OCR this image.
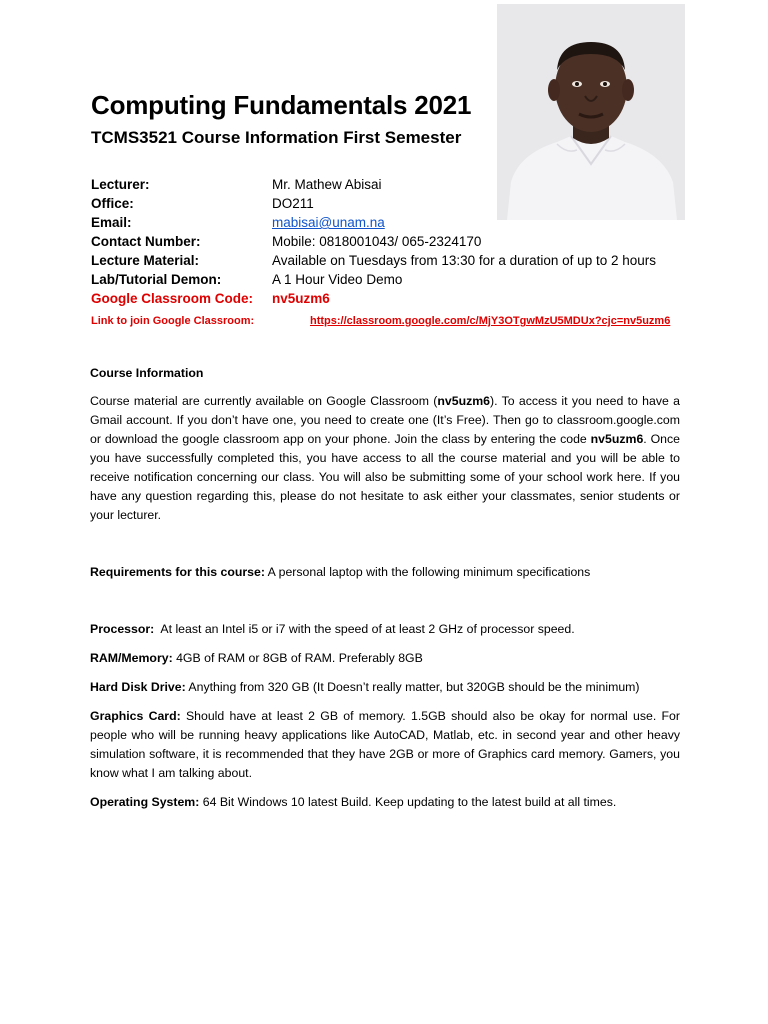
Computing Fundamentals 2021
TCMS3521 Course Information First Semester
Lecturer:	Mr. Mathew Abisai
Office:	DO211
Email:	mabisai@unam.na
Contact Number:	Mobile: 0818001043/ 065-2324170
Lecture Material:	Available on Tuesdays from 13:30 for a duration of up to 2 hours
Lab/Tutorial Demon:	A 1 Hour Video Demo
Google Classroom Code: nv5uzm6
Link to join Google Classroom:	https://classroom.google.com/c/MjY3OTgwMzU5MDUx?cjc=nv5uzm6

Course Information

Course material are currently available on Google Classroom (nv5uzm6). To access it you need to have a Gmail account. If you don’t have one, you need to create one (It’s Free). Then go to classroom.google.com or download the google classroom app on your phone. Join the class by entering the code nv5uzm6. Once you have successfully completed this, you have access to all the course material and you will be able to receive notification concerning our class. You will also be submitting some of your school work here. If you have any question regarding this, please do not hesitate to ask either your classmates, senior students or your lecturer.

Requirements for this course: A personal laptop with the following minimum specifications

Processor:  At least an Intel i5 or i7 with the speed of at least 2 GHz of processor speed.

RAM/Memory: 4GB of RAM or 8GB of RAM. Preferably 8GB

Hard Disk Drive: Anything from 320 GB (It Doesn’t really matter, but 320GB should be the minimum)

Graphics Card: Should have at least 2 GB of memory. 1.5GB should also be okay for normal use. For people who will be running heavy applications like AutoCAD, Matlab, etc. in second year and other heavy simulation software, it is recommended that they have 2GB or more of Graphics card memory. Gamers, you know what I am talking about.

Operating System: 64 Bit Windows 10 latest Build. Keep updating to the latest build at all times.
